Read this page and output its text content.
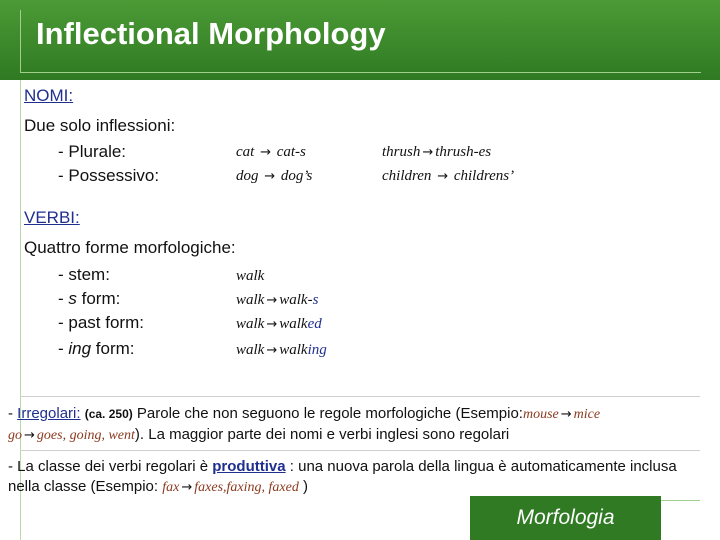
Inflectional Morphology
NOMI:
Due solo inflessioni:
- Plurale:	cat → cat-s	thrush → thrush-es
- Possessivo:	dog → dog’s	children → childrens’
VERBI:
Quattro forme morfologiche:
- stem:	walk
- s form:	walk → walk-s
- past form:	walk → walked
- ing form:	walk → walking
- Irregolari: (ca. 250) Parole che non seguono le regole morfologiche (Esempio:mouse → mice
go → goes, going, went). La maggior parte dei nomi e verbi inglesi sono regolari
- La classe dei verbi regolari è produttiva : una nuova parola della lingua è automaticamente inclusa nella classe (Esempio: fax → faxes,faxing, faxed )
Morfologia
